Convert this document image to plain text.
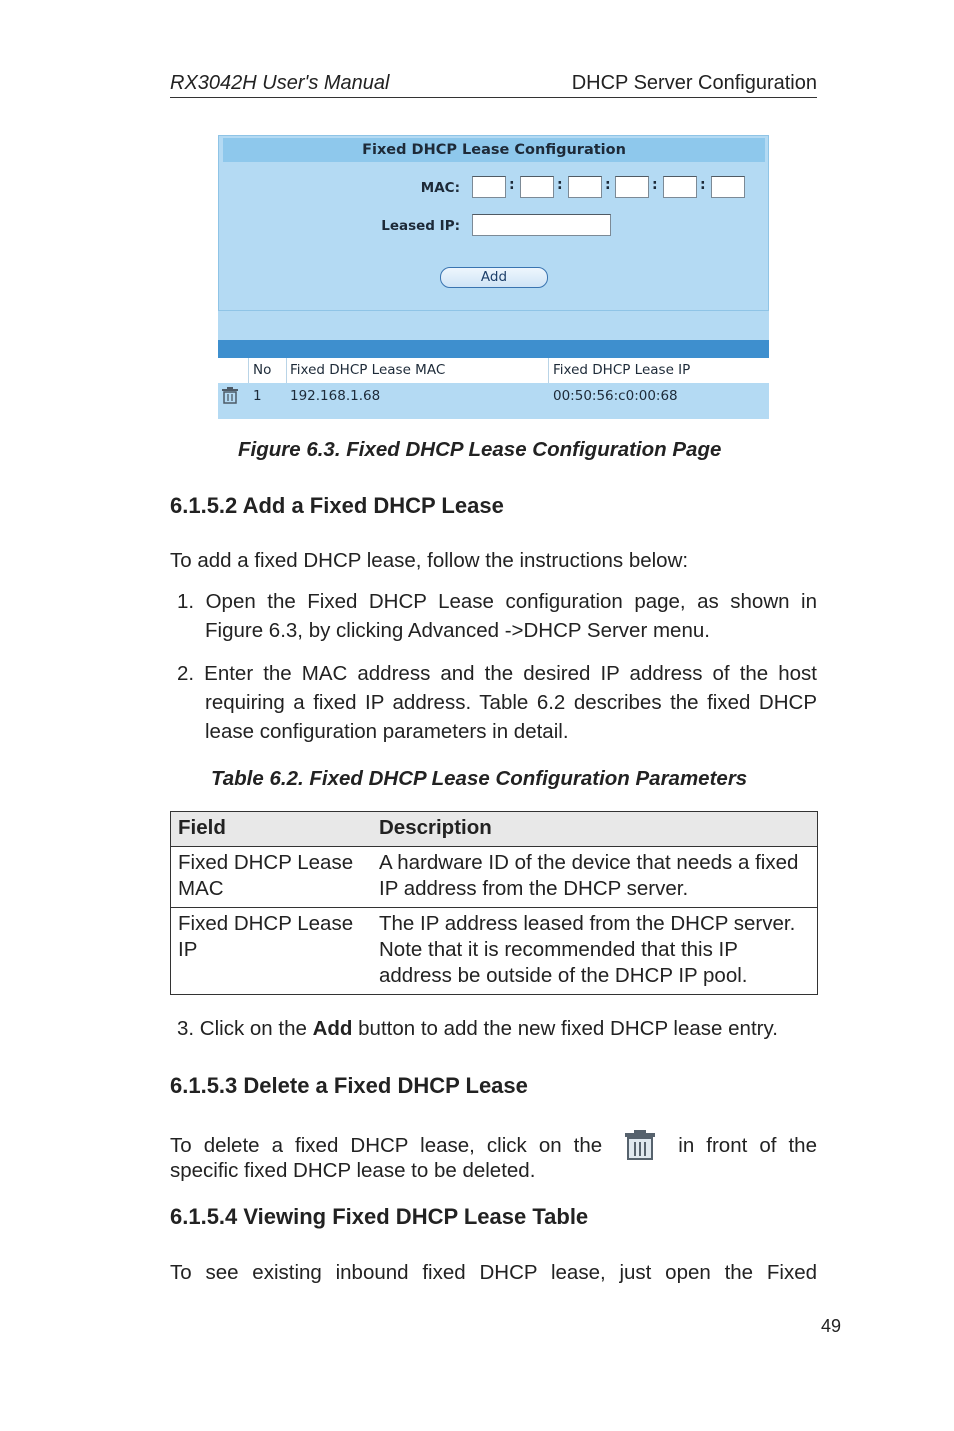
RX3042H User's Manual	DHCP Server Configuration
Fixed DHCP Lease Configuration
MAC:	:	:	:	:	:
Leased IP:
Add
No Fixed DHCP Lease MAC	Fixed DHCP Lease IP
1 192.168.1.68	00:50:56:c0:00:68
Figure 6.3. Fixed DHCP Lease Configuration Page
6.1.5.2 Add a Fixed DHCP Lease
To add a fixed DHCP lease, follow the instructions below:
1. Open the Fixed DHCP Lease configuration page, as shown in
Figure 6.3, by clicking Advanced ->DHCP Server menu.
2. Enter the MAC address and the desired IP address of the host
requiring a fixed IP address. Table 6.2 describes the fixed DHCP
lease configuration parameters in detail.
Table 6.2. Fixed DHCP Lease Configuration Parameters
Field	Description
Fixed DHCP Lease MAC	A hardware ID of the device that needs a fixed IP address from the DHCP server.
Fixed DHCP Lease IP	The IP address leased from the DHCP server. Note that it is recommended that this IP address be outside of the DHCP IP pool.
3. Click on the Add button to add the new fixed DHCP lease entry.
6.1.5.3 Delete a Fixed DHCP Lease
To delete a fixed DHCP lease, click on the	in front of the
specific fixed DHCP lease to be deleted.
6.1.5.4 Viewing Fixed DHCP Lease Table
To see existing inbound fixed DHCP lease, just open the Fixed
49
